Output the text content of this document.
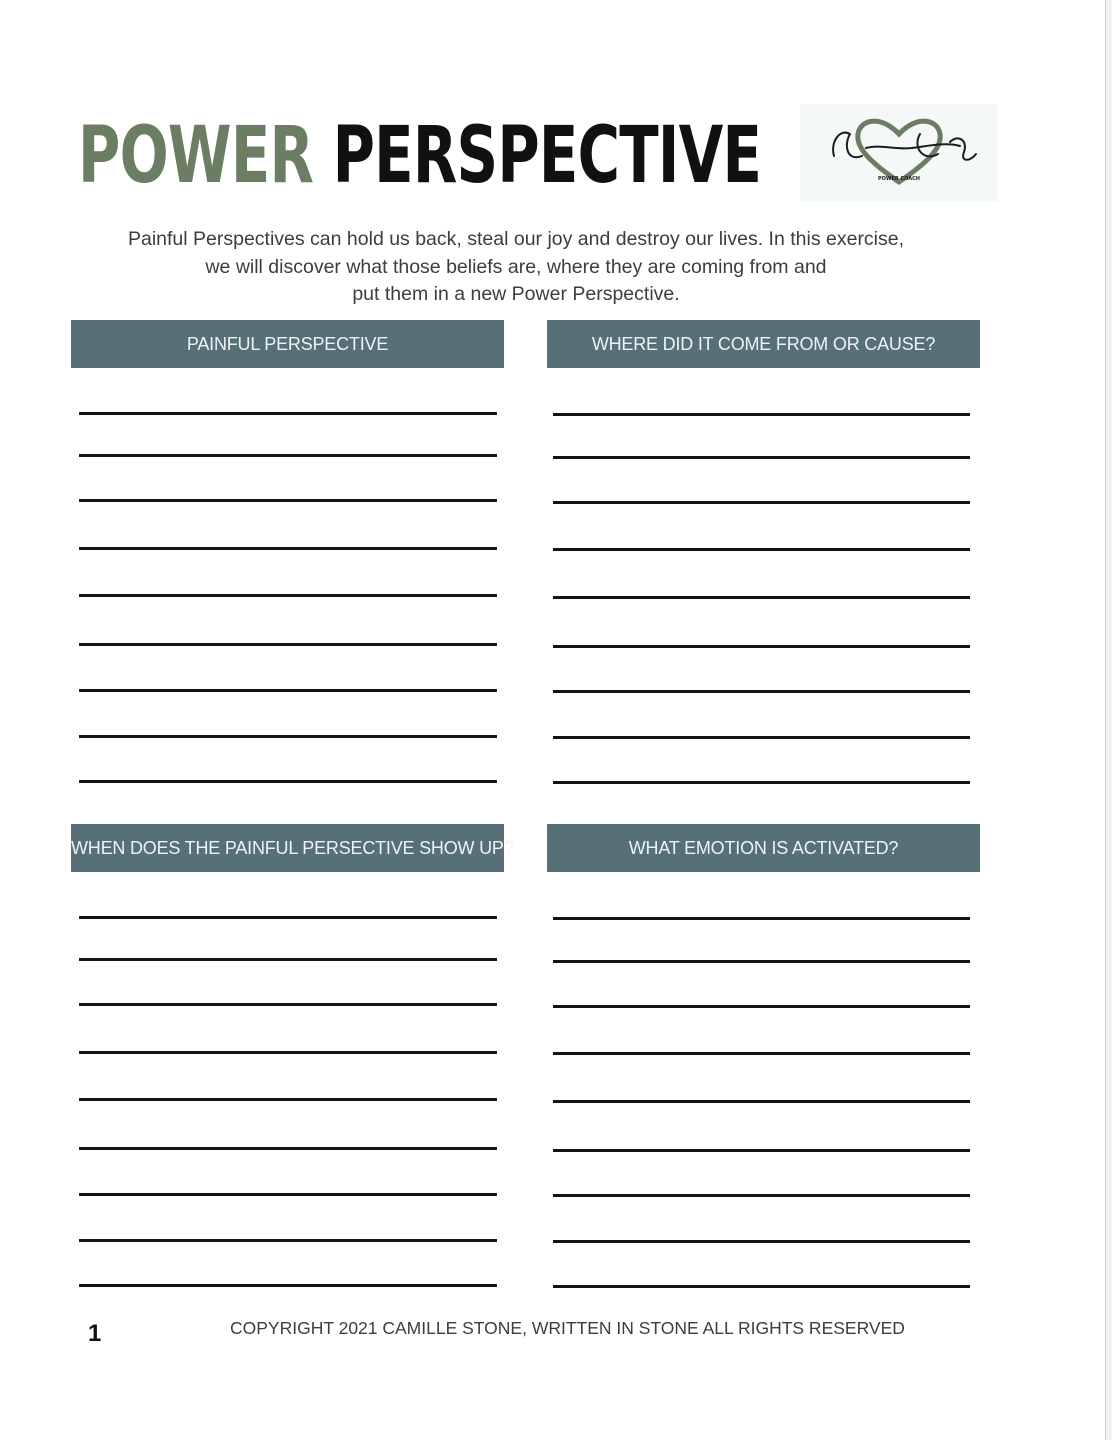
POWER PERSPECTIVE	POWER COACH
Painful Perspectives can hold us back, steal our joy and destroy our lives. In this exercise,
we will discover what those beliefs are, where they are coming from and
put them in a new Power Perspective.
PAINFUL PERSPECTIVE	WHERE DID IT COME FROM OR CAUSE?
WHEN DOES THE PAINFUL PERSECTIVE SHOW UP?	WHAT EMOTION IS ACTIVATED?
1	COPYRIGHT 2021 CAMILLE STONE, WRITTEN IN STONE ALL RIGHTS RESERVED
